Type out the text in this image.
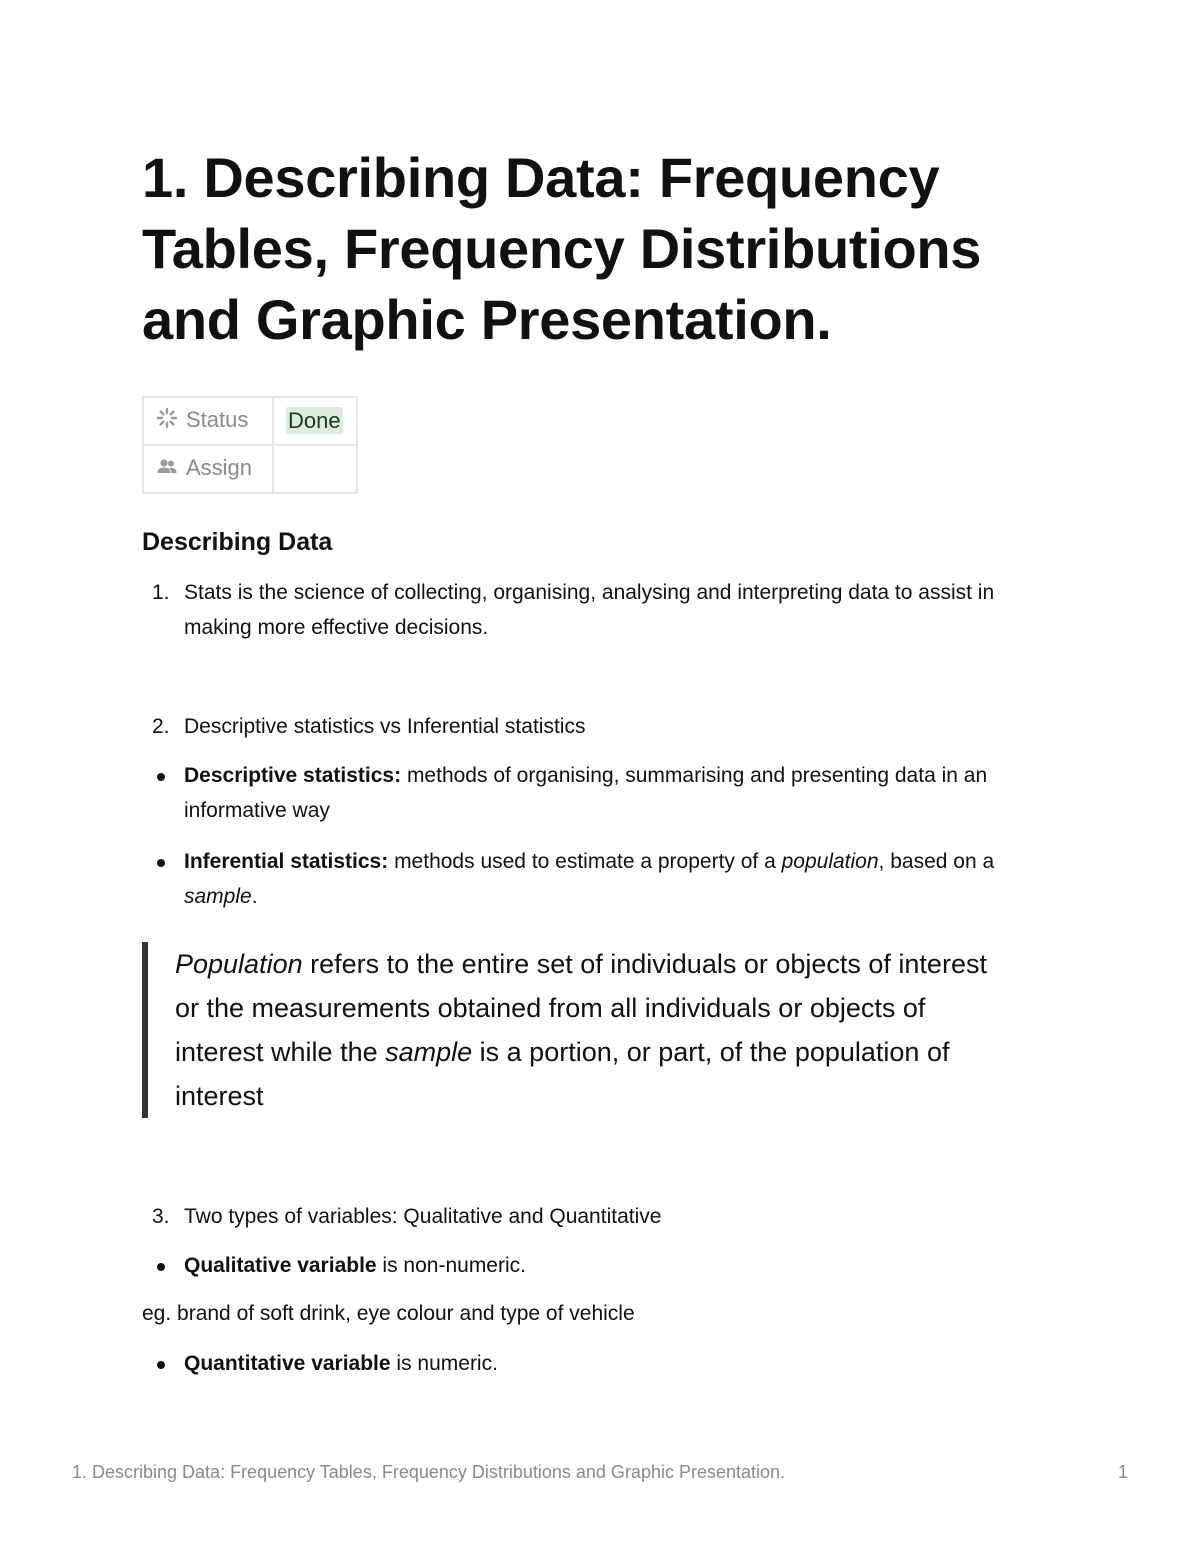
1. Describing Data: Frequency Tables, Frequency Distributions and Graphic Presentation.
Status	Done
Assign	
Describing Data
1. Stats is the science of collecting, organising, analysing and interpreting data to assist in making more effective decisions.
2. Descriptive statistics vs Inferential statistics
Descriptive statistics: methods of organising, summarising and presenting data in an informative way
Inferential statistics: methods used to estimate a property of a population, based on a sample.
Population refers to the entire set of individuals or objects of interest or the measurements obtained from all individuals or objects of interest while the sample is a portion, or part, of the population of interest
3. Two types of variables: Qualitative and Quantitative
Qualitative variable is non-numeric.
eg. brand of soft drink, eye colour and type of vehicle
Quantitative variable is numeric.
1. Describing Data: Frequency Tables, Frequency Distributions and Graphic Presentation.	1
